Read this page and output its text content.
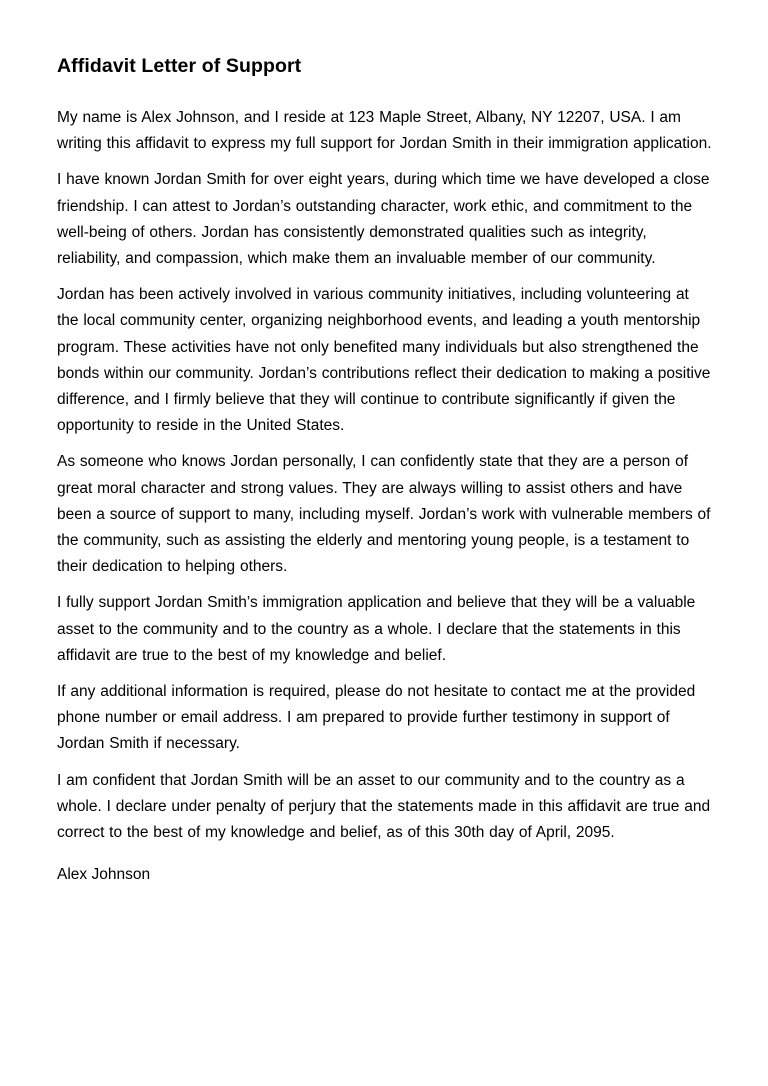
Affidavit Letter of Support

My name is Alex Johnson, and I reside at 123 Maple Street, Albany, NY 12207, USA. I am writing this affidavit to express my full support for Jordan Smith in their immigration application.

I have known Jordan Smith for over eight years, during which time we have developed a close friendship. I can attest to Jordan’s outstanding character, work ethic, and commitment to the well-being of others. Jordan has consistently demonstrated qualities such as integrity, reliability, and compassion, which make them an invaluable member of our community.

Jordan has been actively involved in various community initiatives, including volunteering at the local community center, organizing neighborhood events, and leading a youth mentorship program. These activities have not only benefited many individuals but also strengthened the bonds within our community. Jordan’s contributions reflect their dedication to making a positive difference, and I firmly believe that they will continue to contribute significantly if given the opportunity to reside in the United States.

As someone who knows Jordan personally, I can confidently state that they are a person of great moral character and strong values. They are always willing to assist others and have been a source of support to many, including myself. Jordan’s work with vulnerable members of the community, such as assisting the elderly and mentoring young people, is a testament to their dedication to helping others.

I fully support Jordan Smith’s immigration application and believe that they will be a valuable asset to the community and to the country as a whole. I declare that the statements in this affidavit are true to the best of my knowledge and belief.

If any additional information is required, please do not hesitate to contact me at the provided phone number or email address. I am prepared to provide further testimony in support of Jordan Smith if necessary.

I am confident that Jordan Smith will be an asset to our community and to the country as a whole. I declare under penalty of perjury that the statements made in this affidavit are true and correct to the best of my knowledge and belief, as of this 30th day of April, 2095.

Alex Johnson
